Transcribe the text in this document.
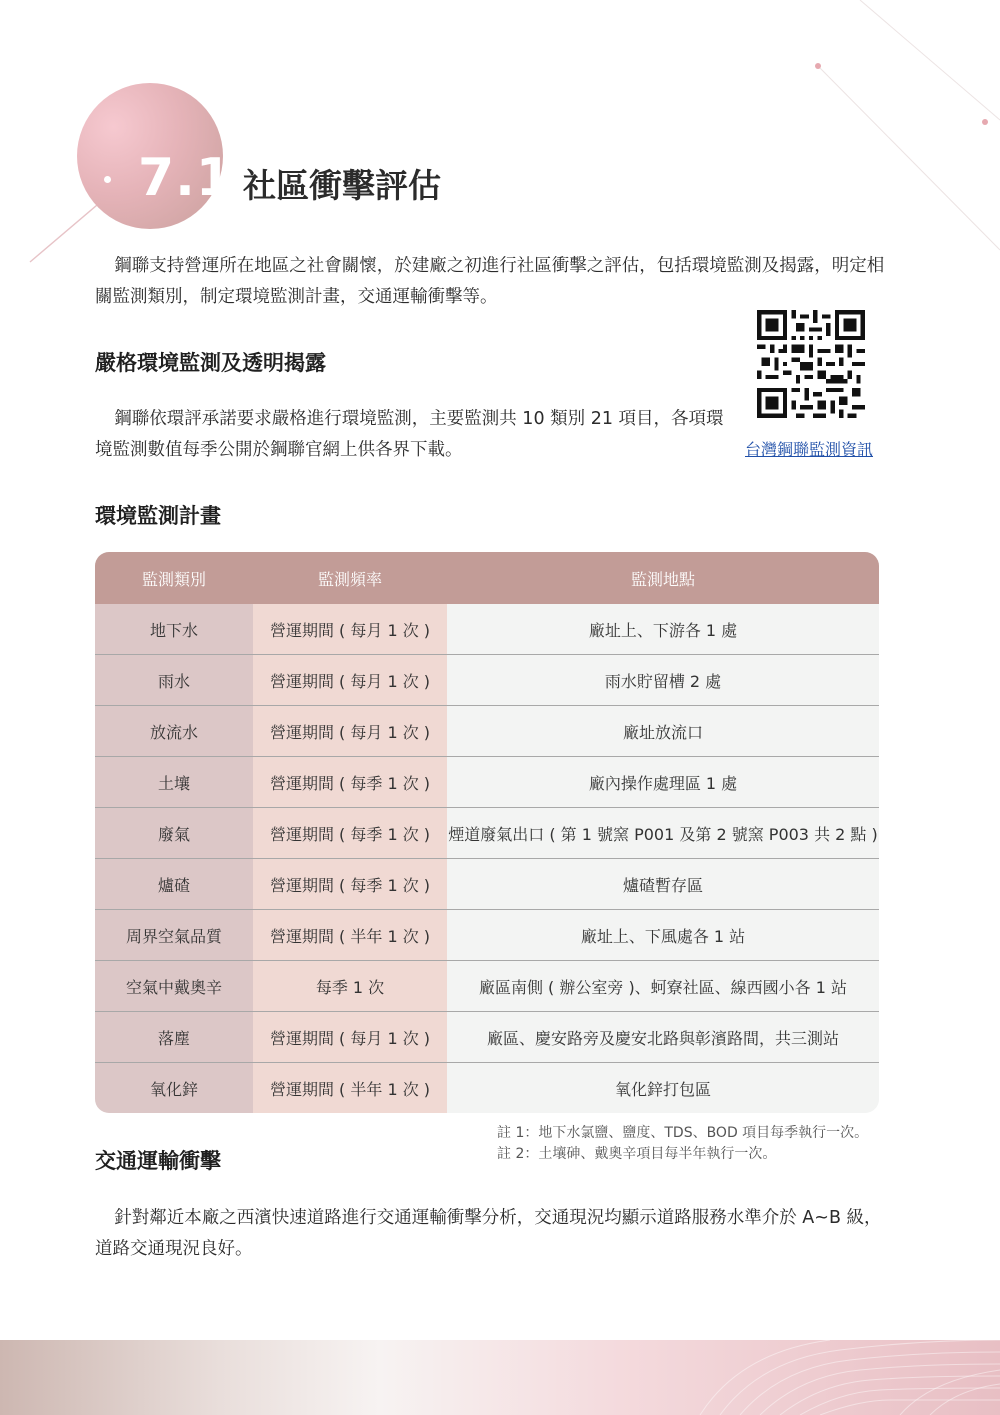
7.1 社區衝擊評估
鋼聯支持營運所在地區之社會關懷，於建廠之初進行社區衝擊之評估，包括環境監測及揭露，明定相關監測類別，制定環境監測計畫，交通運輸衝擊等。
嚴格環境監測及透明揭露
鋼聯依環評承諾要求嚴格進行環境監測，主要監測共 10 類別 21 項目，各項環境監測數值每季公開於鋼聯官網上供各界下載。	台灣鋼聯監測資訊
環境監測計畫
監測類別	監測頻率	監測地點
地下水	營運期間 ( 每月 1 次 )	廠址上、下游各 1 處
雨水	營運期間 ( 每月 1 次 )	雨水貯留槽 2 處
放流水	營運期間 ( 每月 1 次 )	廠址放流口
土壤	營運期間 ( 每季 1 次 )	廠內操作處理區 1 處
廢氣	營運期間 ( 每季 1 次 )	煙道廢氣出口 ( 第 1 號窯 P001 及第 2 號窯 P003 共 2 點 )
爐碴	營運期間 ( 每季 1 次 )	爐碴暫存區
周界空氣品質	營運期間 ( 半年 1 次 )	廠址上、下風處各 1 站
空氣中戴奧辛	每季 1 次	廠區南側 ( 辦公室旁 )、蚵寮社區、線西國小各 1 站
落塵	營運期間 ( 每月 1 次 )	廠區、慶安路旁及慶安北路與彰濱路間，共三測站
氧化鋅	營運期間 ( 半年 1 次 )	氧化鋅打包區
註 1：地下水氯鹽、鹽度、TDS、BOD 項目每季執行一次。
註 2：土壤砷、戴奧辛項目每半年執行一次。
交通運輸衝擊
針對鄰近本廠之西濱快速道路進行交通運輸衝擊分析，交通現況均顯示道路服務水準介於 A~B 級，道路交通現況良好。
